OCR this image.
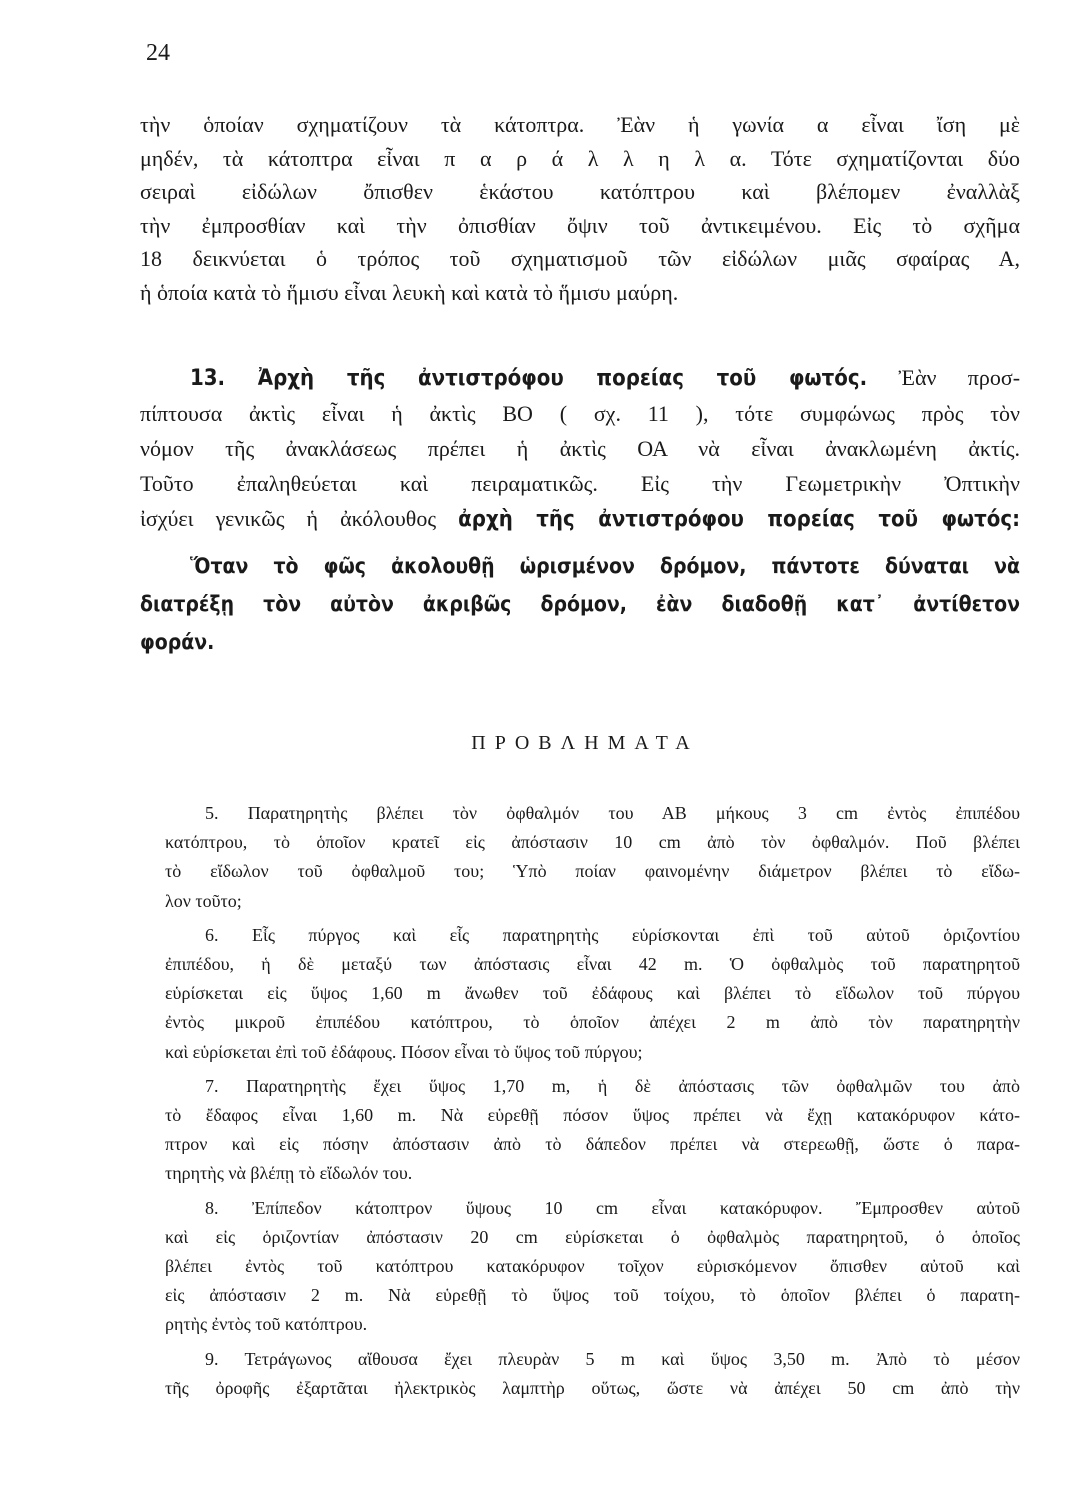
24
τὴν ὁποίαν σχηματίζουν τὰ κάτοπτρα. Ἐὰν ἡ γωνία α εἶναι ἴση μὲ
μηδέν, τὰ κάτοπτρα εἶναι π α ρ ά λ λ η λ α. Τότε σχηματίζονται δύο
σειραὶ εἰδώλων ὄπισθεν ἑκάστου κατόπτρου καὶ βλέπομεν ἐναλλὰξ
τὴν ἐμπροσθίαν καὶ τὴν ὀπισθίαν ὄψιν τοῦ ἀντικειμένου. Εἰς τὸ σχῆμα
18 δεικνύεται ὁ τρόπος τοῦ σχηματισμοῦ τῶν εἰδώλων μιᾶς σφαίρας Α,
ἡ ὁποία κατὰ τὸ ἥμισυ εἶναι λευκὴ καὶ κατὰ τὸ ἥμισυ μαύρη.
13. Ἀρχὴ τῆς ἀντιστρόφου πορείας τοῦ φωτός. Ἐὰν προσ-
πίπτουσα ἀκτὶς εἶναι ἡ ἀκτὶς ΒΟ ( σχ. 11 ), τότε συμφώνως πρὸς τὸν
νόμον τῆς ἀνακλάσεως πρέπει ἡ ἀκτὶς ΟΑ νὰ εἶναι ἀνακλωμένη ἀκτίς.
Τοῦτο ἐπαληθεύεται καὶ πειραματικῶς. Εἰς τὴν Γεωμετρικὴν Ὀπτικὴν
ἰσχύει γενικῶς ἡ ἀκόλουθος ἀρχὴ τῆς ἀντιστρόφου πορείας τοῦ φωτός:
Ὅταν τὸ φῶς ἀκολουθῇ ὡρισμένον δρόμον, πάντοτε δύναται νὰ
διατρέξῃ τὸν αὐτὸν ἀκριβῶς δρόμον, ἐὰν διαδοθῇ κατ᾽ ἀντίθετον
φοράν.
ΠΡΟΒΛΗΜΑΤΑ
5. Παρατηρητὴς βλέπει τὸν ὀφθαλμόν του ΑΒ μήκους 3 cm ἐντὸς ἐπιπέδου
κατόπτρου, τὸ ὁποῖον κρατεῖ εἰς ἀπόστασιν 10 cm ἀπὸ τὸν ὀφθαλμόν. Ποῦ βλέπει
τὸ εἴδωλον τοῦ ὀφθαλμοῦ του; Ὑπὸ ποίαν φαινομένην διάμετρον βλέπει τὸ εἴδω-
λον τοῦτο;
6. Εἷς πύργος καὶ εἷς παρατηρητὴς εὑρίσκονται ἐπὶ τοῦ αὐτοῦ ὁριζοντίου
ἐπιπέδου, ἡ δὲ μεταξύ των ἀπόστασις εἶναι 42 m. Ὁ ὀφθαλμὸς τοῦ παρατηρητοῦ
εὑρίσκεται εἰς ὕψος 1,60 m ἄνωθεν τοῦ ἐδάφους καὶ βλέπει τὸ εἴδωλον τοῦ πύργου
ἐντὸς μικροῦ ἐπιπέδου κατόπτρου, τὸ ὁποῖον ἀπέχει 2 m ἀπὸ τὸν παρατηρητὴν
καὶ εὑρίσκεται ἐπὶ τοῦ ἐδάφους. Πόσον εἶναι τὸ ὕψος τοῦ πύργου;
7. Παρατηρητὴς ἔχει ὕψος 1,70 m, ἡ δὲ ἀπόστασις τῶν ὀφθαλμῶν του ἀπὸ
τὸ ἔδαφος εἶναι 1,60 m. Νὰ εὑρεθῇ πόσον ὕψος πρέπει νὰ ἔχῃ κατακόρυφον κάτο-
πτρον καὶ εἰς πόσην ἀπόστασιν ἀπὸ τὸ δάπεδον πρέπει νὰ στερεωθῇ, ὥστε ὁ παρα-
τηρητὴς νὰ βλέπῃ τὸ εἴδωλόν του.
8. Ἐπίπεδον κάτοπτρον ὕψους 10 cm εἶναι κατακόρυφον. Ἔμπροσθεν αὐτοῦ
καὶ εἰς ὁριζοντίαν ἀπόστασιν 20 cm εὑρίσκεται ὁ ὀφθαλμὸς παρατηρητοῦ, ὁ ὁποῖος
βλέπει ἐντὸς τοῦ κατόπτρου κατακόρυφον τοῖχον εὑρισκόμενον ὄπισθεν αὐτοῦ καὶ
εἰς ἀπόστασιν 2 m. Νὰ εὑρεθῇ τὸ ὕψος τοῦ τοίχου, τὸ ὁποῖον βλέπει ὁ παρατη-
ρητὴς ἐντὸς τοῦ κατόπτρου.
9. Τετράγωνος αἴθουσα ἔχει πλευρὰν 5 m καὶ ὕψος 3,50 m. Ἀπὸ τὸ μέσον
τῆς ὀροφῆς ἐξαρτᾶται ἠλεκτρικὸς λαμπτὴρ οὕτως, ὥστε νὰ ἀπέχει 50 cm ἀπὸ τὴν
